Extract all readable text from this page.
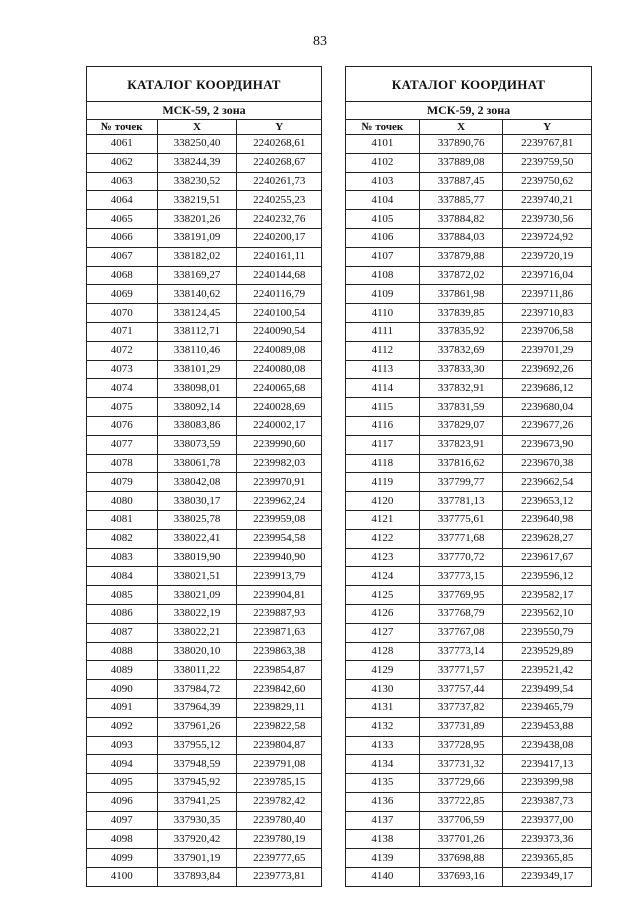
83
КАТАЛОГ КООРДИНАТ		
МСК-59, 2 зона		
№ точек	X	Y
4061	338250,40	2240268,61
4062	338244,39	2240268,67
4063	338230,52	2240261,73
4064	338219,51	2240255,23
4065	338201,26	2240232,76
4066	338191,09	2240200,17
4067	338182,02	2240161,11
4068	338169,27	2240144,68
4069	338140,62	2240116,79
4070	338124,45	2240100,54
4071	338112,71	2240090,54
4072	338110,46	2240089,08
4073	338101,29	2240080,08
4074	338098,01	2240065,68
4075	338092,14	2240028,69
4076	338083,86	2240002,17
4077	338073,59	2239990,60
4078	338061,78	2239982,03
4079	338042,08	2239970,91
4080	338030,17	2239962,24
4081	338025,78	2239959,08
4082	338022,41	2239954,58
4083	338019,90	2239940,90
4084	338021,51	2239913,79
4085	338021,09	2239904,81
4086	338022,19	2239887,93
4087	338022,21	2239871,63
4088	338020,10	2239863,38
4089	338011,22	2239854,87
4090	337984,72	2239842,60
4091	337964,39	2239829,11
4092	337961,26	2239822,58
4093	337955,12	2239804,87
4094	337948,59	2239791,08
4095	337945,92	2239785,15
4096	337941,25	2239782,42
4097	337930,35	2239780,40
4098	337920,42	2239780,19
4099	337901,19	2239777,65
4100	337893,84	2239773,81
КАТАЛОГ КООРДИНАТ		
МСК-59, 2 зона		
№ точек	X	Y
4101	337890,76	2239767,81
4102	337889,08	2239759,50
4103	337887,45	2239750,62
4104	337885,77	2239740,21
4105	337884,82	2239730,56
4106	337884,03	2239724,92
4107	337879,88	2239720,19
4108	337872,02	2239716,04
4109	337861,98	2239711,86
4110	337839,85	2239710,83
4111	337835,92	2239706,58
4112	337832,69	2239701,29
4113	337833,30	2239692,26
4114	337832,91	2239686,12
4115	337831,59	2239680,04
4116	337829,07	2239677,26
4117	337823,91	2239673,90
4118	337816,62	2239670,38
4119	337799,77	2239662,54
4120	337781,13	2239653,12
4121	337775,61	2239640,98
4122	337771,68	2239628,27
4123	337770,72	2239617,67
4124	337773,15	2239596,12
4125	337769,95	2239582,17
4126	337768,79	2239562,10
4127	337767,08	2239550,79
4128	337773,14	2239529,89
4129	337771,57	2239521,42
4130	337757,44	2239499,54
4131	337737,82	2239465,79
4132	337731,89	2239453,88
4133	337728,95	2239438,08
4134	337731,32	2239417,13
4135	337729,66	2239399,98
4136	337722,85	2239387,73
4137	337706,59	2239377,00
4138	337701,26	2239373,36
4139	337698,88	2239365,85
4140	337693,16	2239349,17
